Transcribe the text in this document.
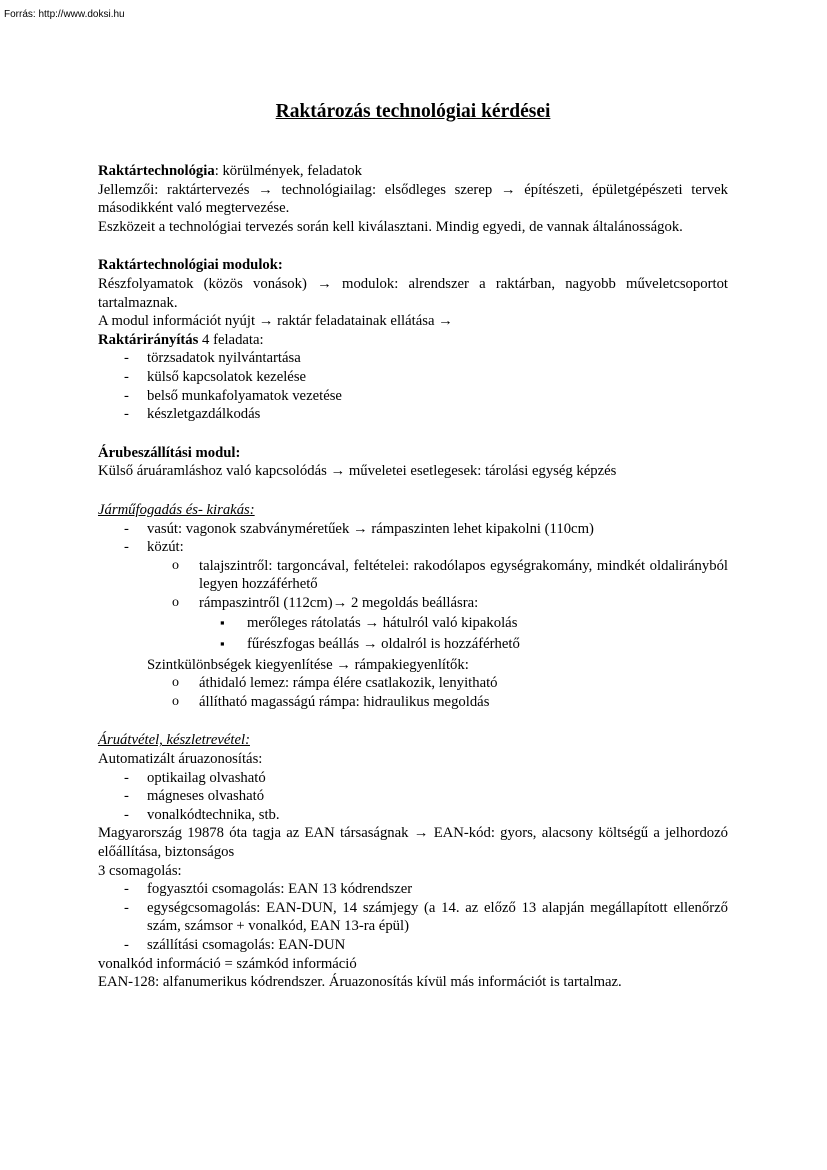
Forrás: http://www.doksi.hu

Raktározás technológiai kérdései

Raktártechnológia: körülmények, feladatok

Jellemzői: raktártervezés → technológiailag: elsődleges szerep → építészeti, épületgépészeti tervek másodikként való megtervezése.

Eszközeit a technológiai tervezés során kell kiválasztani. Mindig egyedi, de vannak általánosságok.

Raktártechnológiai modulok:

Részfolyamatok (közös vonások) → modulok: alrendszer a raktárban, nagyobb műveletcsoportot tartalmaznak.

A modul információt nyújt → raktár feladatainak ellátása →

Raktárirányítás 4 feladata:

- törzsadatok nyilvántartása

- külső kapcsolatok kezelése

- belső munkafolyamatok vezetése

- készletgazdálkodás

Árubeszállítási modul:

Külső áruáramláshoz való kapcsolódás → műveletei esetlegesek: tárolási egység képzés

Járműfogadás és- kirakás:

- vasút: vagonok szabványméretűek → rámpaszinten lehet kipakolni (110cm)

- közút:

o talajszintről: targoncával, feltételei: rakodólapos egységrakomány, mindkét oldalirányból legyen hozzáférhető

o rámpaszintről (112cm)→ 2 megoldás beállásra:

▪ merőleges rátolatás → hátulról való kipakolás

▪ fűrészfogas beállás → oldalról is hozzáférhető

Szintkülönbségek kiegyenlítése → rámpakiegyenlítők:

o áthidaló lemez: rámpa élére csatlakozik, lenyitható

o állítható magasságú rámpa: hidraulikus megoldás

Áruátvétel, készletrevétel:

Automatizált áruazonosítás:

- optikailag olvasható

- mágneses olvasható

- vonalkódtechnika, stb.

Magyarország 19878 óta tagja az EAN társaságnak → EAN-kód: gyors, alacsony költségű a jelhordozó előállítása, biztonságos

3 csomagolás:

- fogyasztói csomagolás: EAN 13 kódrendszer

- egységcsomagolás: EAN-DUN, 14 számjegy (a 14. az előző 13 alapján megállapított ellenőrző szám, számsor + vonalkód, EAN 13-ra épül)

- szállítási csomagolás: EAN-DUN

vonalkód információ = számkód információ

EAN-128: alfanumerikus kódrendszer. Áruazonosítás kívül más információt is tartalmaz.
